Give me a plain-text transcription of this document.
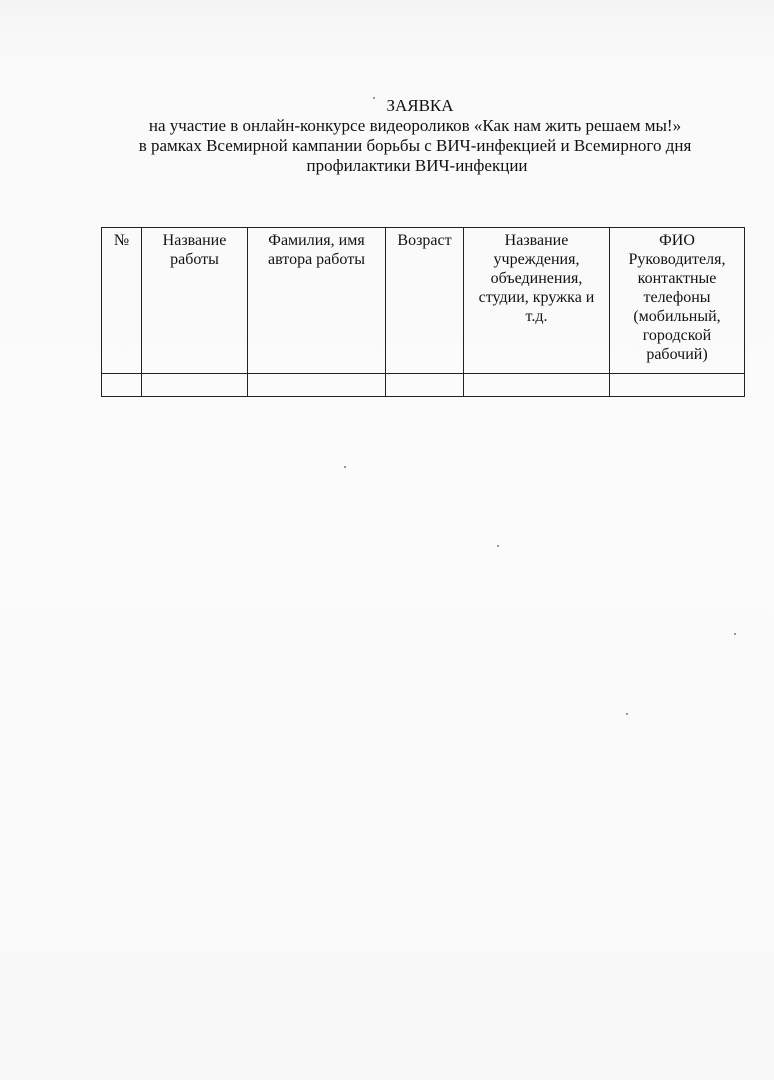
ЗАЯВКА
на участие в онлайн-конкурсе видеороликов «Как нам жить решаем мы!»
в рамках Всемирной кампании борьбы с ВИЧ-инфекцией и Всемирного дня
профилактики ВИЧ-инфекции
№	Название работы	Фамилия, имя автора работы	Возраст	Название учреждения, объединения, студии, кружка и т.д.	ФИО Руководителя, контактные телефоны (мобильный, городской рабочий)
